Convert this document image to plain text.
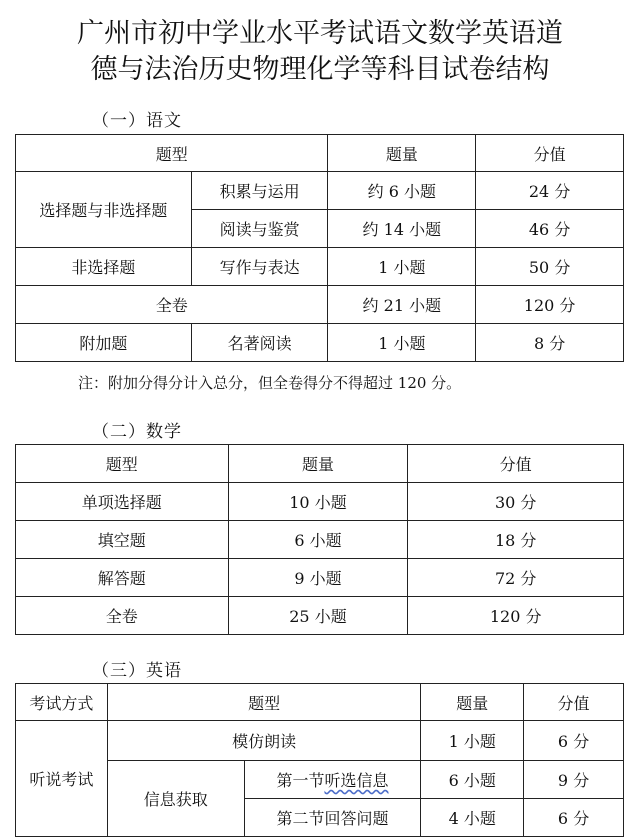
广州市初中学业水平考试语文数学英语道
德与法治历史物理化学等科目试卷结构
（一）语文
题型		题量	分值
选择题与非选择题	积累与运用	约 6 小题	24 分
	阅读与鉴赏	约 14 小题	46 分
非选择题	写作与表达	1 小题	50 分
全卷		约 21 小题	120 分
附加题	名著阅读	1 小题	8 分
注：附加分得分计入总分，但全卷得分不得超过 120 分。
（二）数学
题型	题量	分值
单项选择题	10 小题	30 分
填空题	6 小题	18 分
解答题	9 小题	72 分
全卷	25 小题	120 分
（三）英语
考试方式	题型		题量	分值
听说考试	模仿朗读		1 小题	6 分
	信息获取	第一节听选信息	6 小题	9 分
		第二节回答问题	4 小题	6 分
